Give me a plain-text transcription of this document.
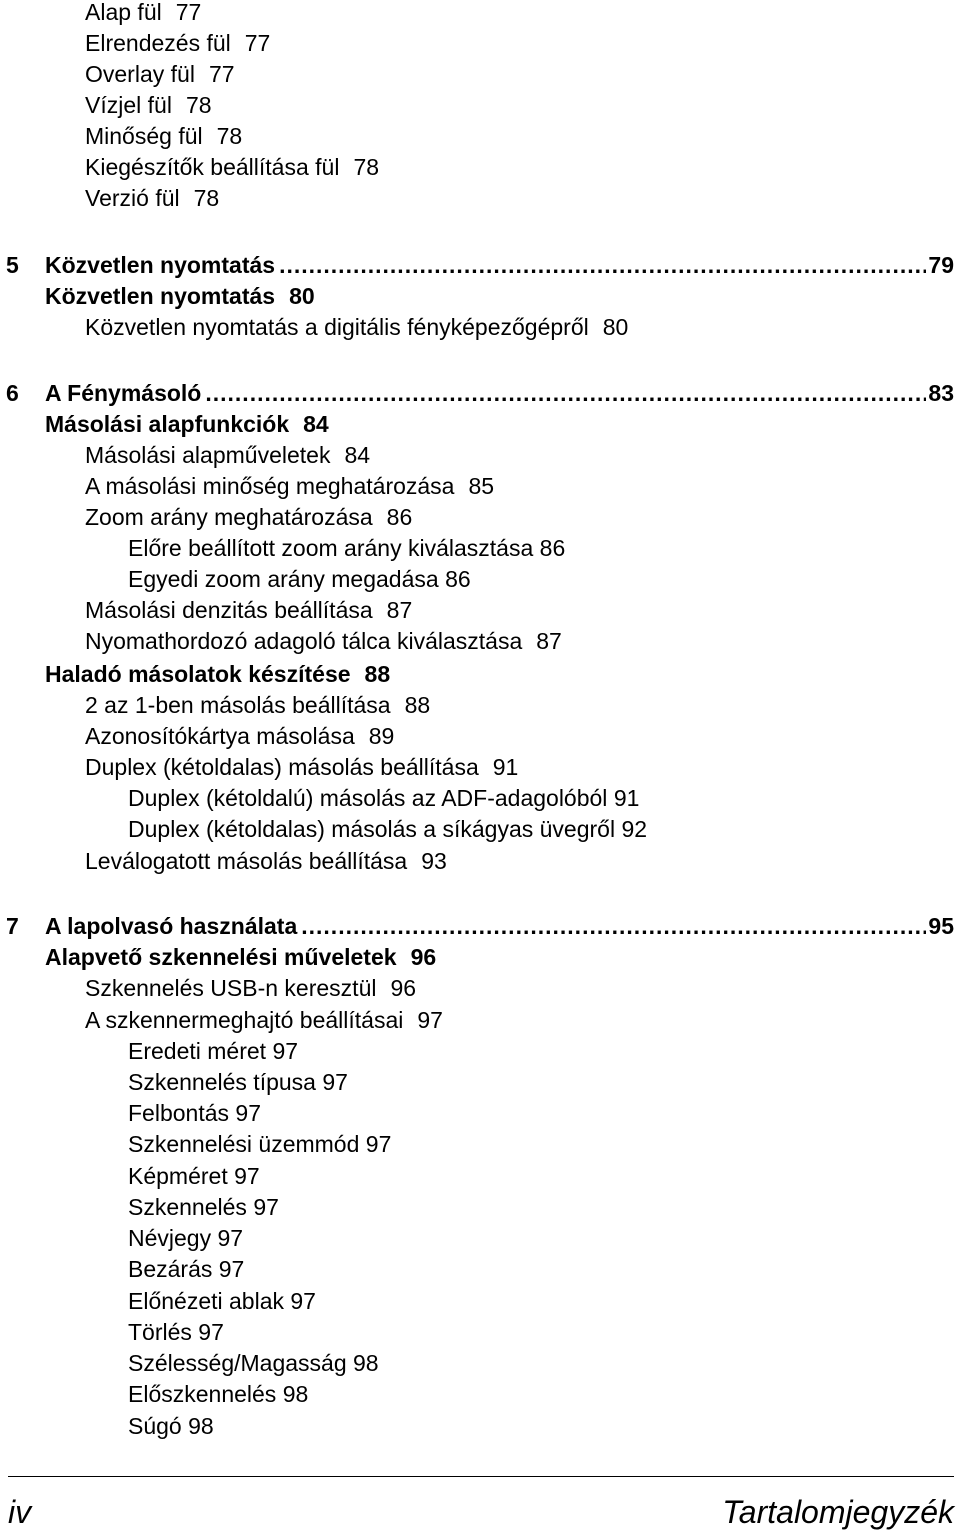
Alap fül 77
Elrendezés fül 77
Overlay fül 77
Vízjel fül 78
Minőség fül 78
Kiegészítők beállítása fül 78
Verzió fül 78
5	Közvetlen nyomtatás .....	79
Közvetlen nyomtatás 80
Közvetlen nyomtatás a digitális fényképezőgépről 80
6	A Fénymásoló .....	83
Másolási alapfunkciók 84
Másolási alapműveletek 84
A másolási minőség meghatározása 85
Zoom arány meghatározása 86
Előre beállított zoom arány kiválasztása 86
Egyedi zoom arány megadása 86
Másolási denzitás beállítása 87
Nyomathordozó adagoló tálca kiválasztása 87
Haladó másolatok készítése 88
2 az 1-ben másolás beállítása 88
Azonosítókártya másolása 89
Duplex (kétoldalas) másolás beállítása 91
Duplex (kétoldalú) másolás az ADF-adagolóból 91
Duplex (kétoldalas) másolás a síkágyas üvegről 92
Leválogatott másolás beállítása 93
7	A lapolvasó használata .....	95
Alapvető szkennelési műveletek 96
Szkennelés USB-n keresztül 96
A szkennermeghajtó beállításai 97
Eredeti méret 97
Szkennelés típusa 97
Felbontás 97
Szkennelési üzemmód 97
Képméret 97
Szkennelés 97
Névjegy 97
Bezárás 97
Előnézeti ablak 97
Törlés 97
Szélesség/Magasság 98
Előszkennelés 98
Súgó 98
iv	Tartalomjegyzék
